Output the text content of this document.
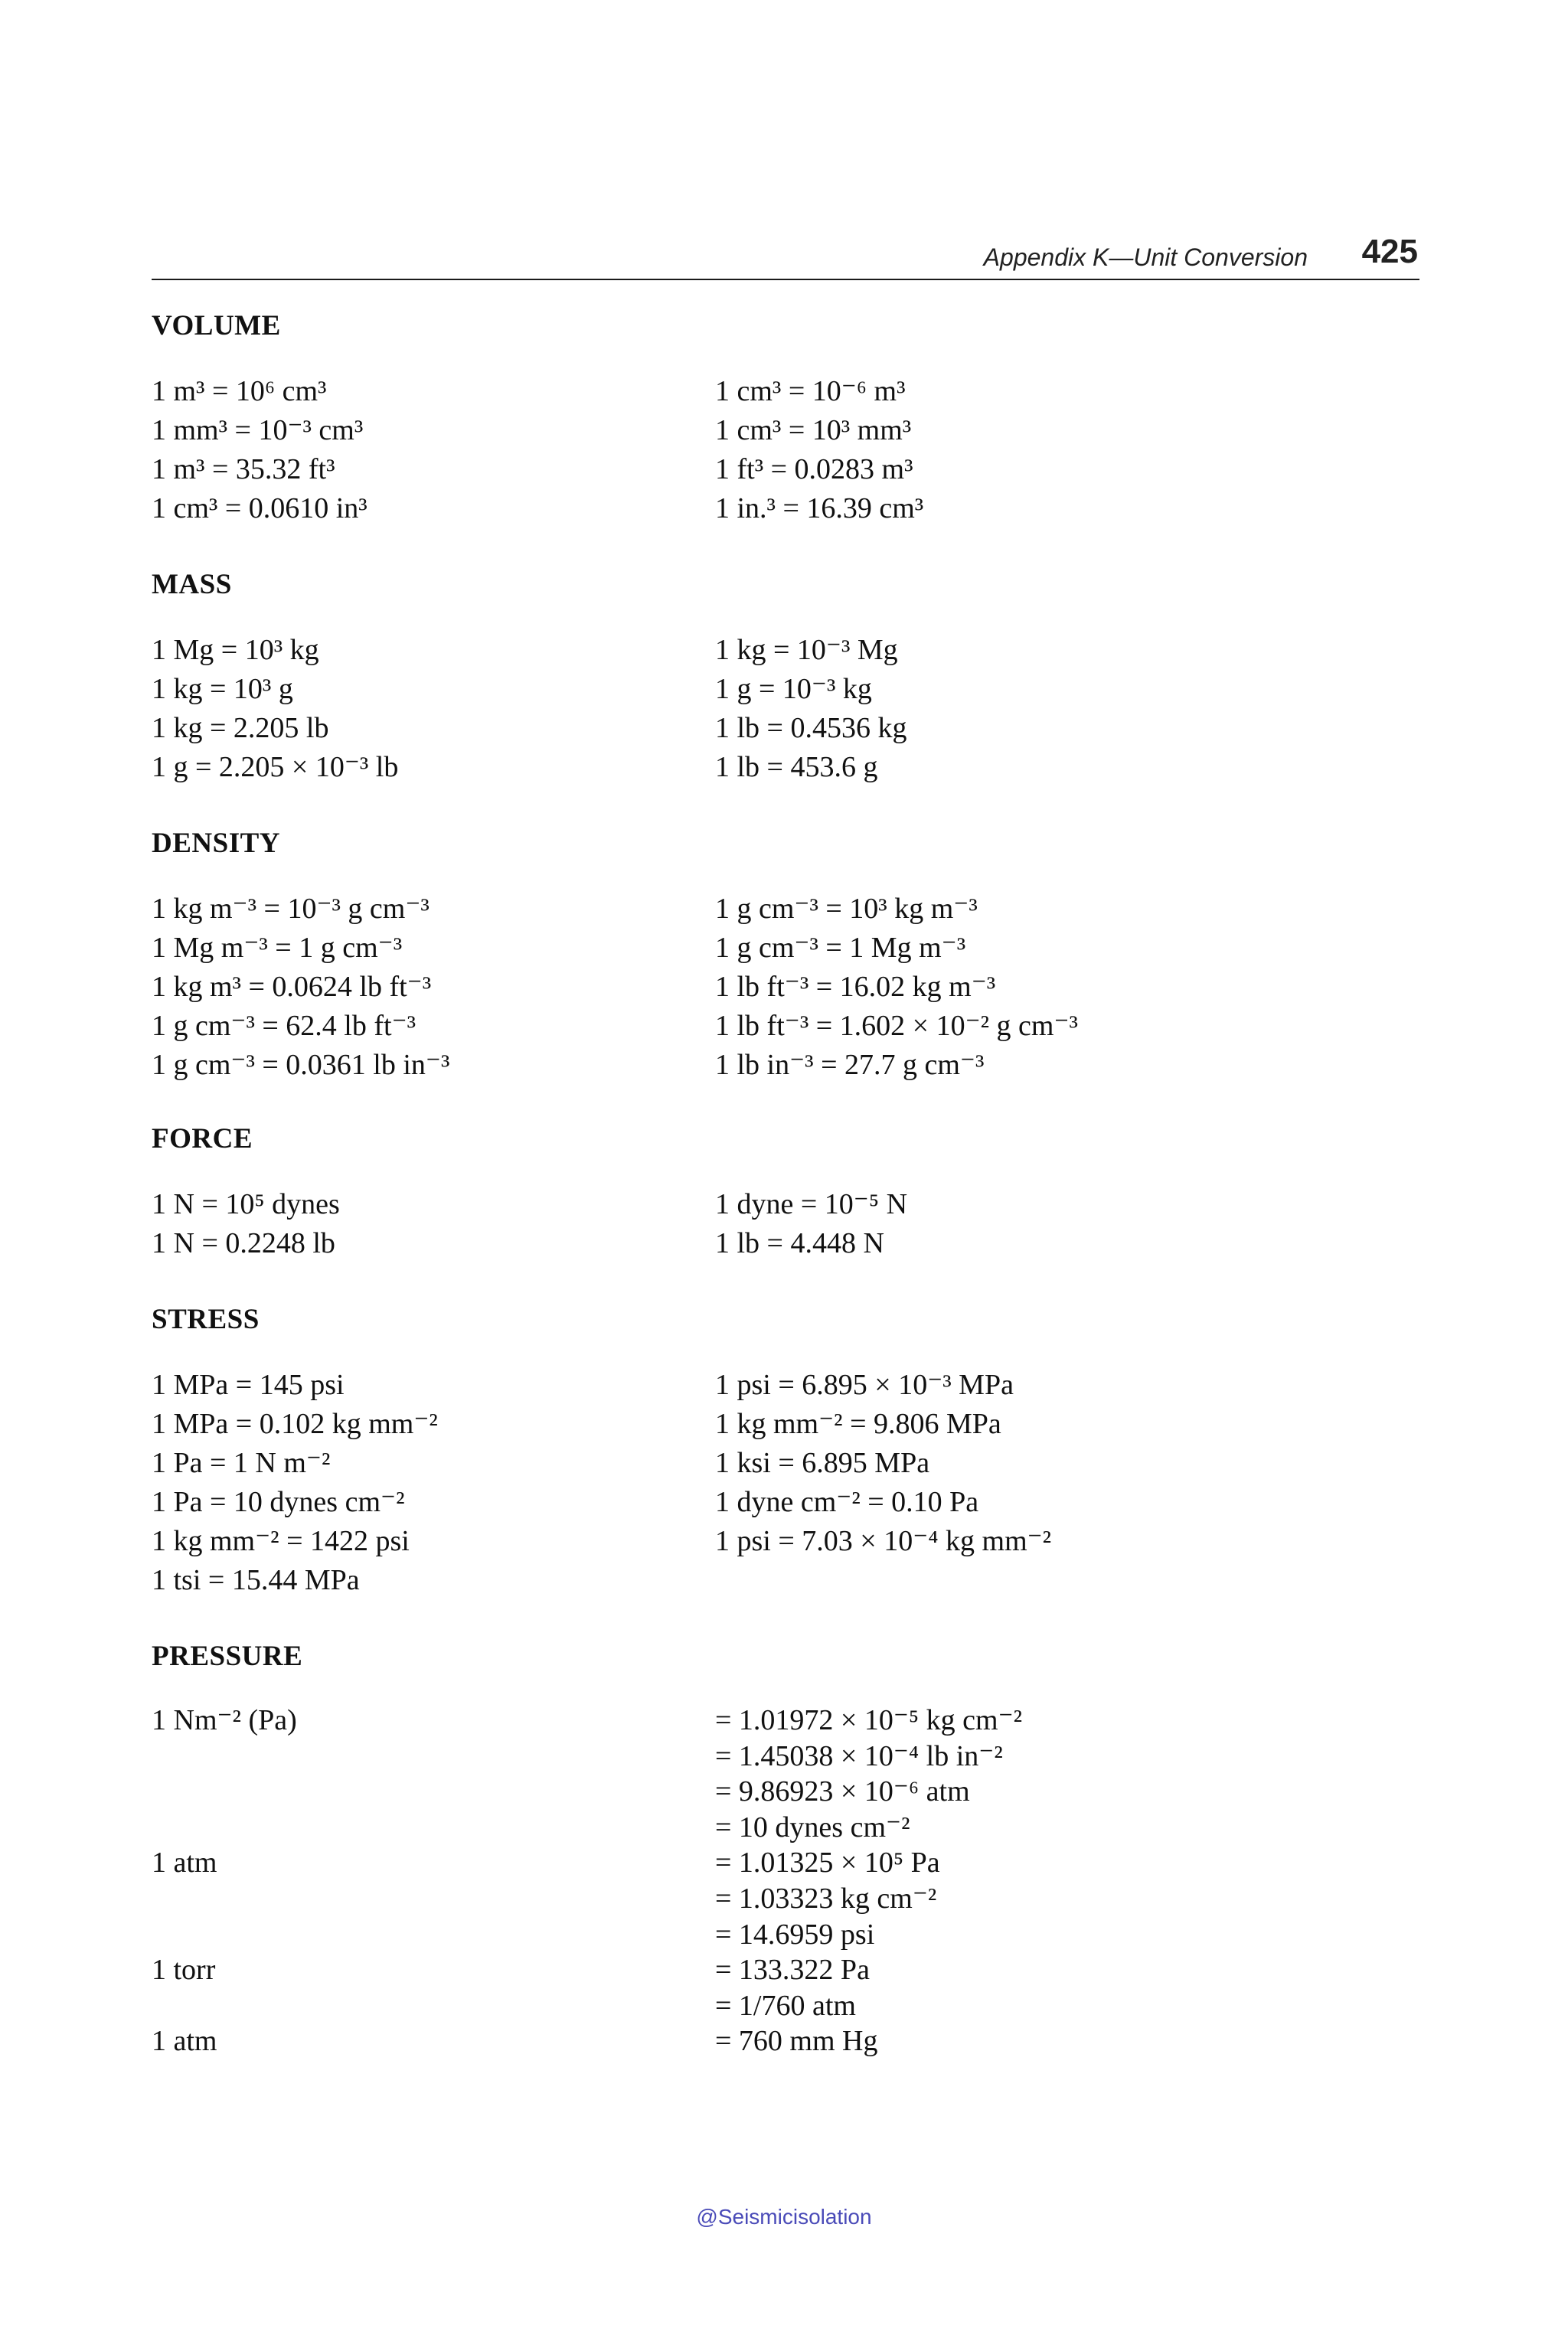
Appendix K—Unit Conversion 425
VOLUME
1 m³ = 10⁶ cm³	1 cm³ = 10⁻⁶ m³
1 mm³ = 10⁻³ cm³	1 cm³ = 10³ mm³
1 m³ = 35.32 ft³	1 ft³ = 0.0283 m³
1 cm³ = 0.0610 in³	1 in.³ = 16.39 cm³
MASS
1 Mg = 10³ kg	1 kg = 10⁻³ Mg
1 kg = 10³ g	1 g = 10⁻³ kg
1 kg = 2.205 lb	1 lb = 0.4536 kg
1 g = 2.205 × 10⁻³ lb	1 lb = 453.6 g
DENSITY
1 kg m⁻³ = 10⁻³ g cm⁻³	1 g cm⁻³ = 10³ kg m⁻³
1 Mg m⁻³ = 1 g cm⁻³	1 g cm⁻³ = 1 Mg m⁻³
1 kg m³ = 0.0624 lb ft⁻³	1 lb ft⁻³ = 16.02 kg m⁻³
1 g cm⁻³ = 62.4 lb ft⁻³	1 lb ft⁻³ = 1.602 × 10⁻² g cm⁻³
1 g cm⁻³ = 0.0361 lb in⁻³	1 lb in⁻³ = 27.7 g cm⁻³
FORCE
1 N = 10⁵ dynes	1 dyne = 10⁻⁵ N
1 N = 0.2248 lb	1 lb = 4.448 N
STRESS
1 MPa = 145 psi	1 psi = 6.895 × 10⁻³ MPa
1 MPa = 0.102 kg mm⁻²	1 kg mm⁻² = 9.806 MPa
1 Pa = 1 N m⁻²	1 ksi = 6.895 MPa
1 Pa = 10 dynes cm⁻²	1 dyne cm⁻² = 0.10 Pa
1 kg mm⁻² = 1422 psi	1 psi = 7.03 × 10⁻⁴ kg mm⁻²
1 tsi = 15.44 MPa
PRESSURE
1 Nm⁻² (Pa)	= 1.01972 × 10⁻⁵ kg cm⁻²
= 1.45038 × 10⁻⁴ lb in⁻²
= 9.86923 × 10⁻⁶ atm
= 10 dynes cm⁻²
1 atm	= 1.01325 × 10⁵ Pa
= 1.03323 kg cm⁻²
= 14.6959 psi
1 torr	= 133.322 Pa
= 1/760 atm
1 atm	= 760 mm Hg
@Seismicisolation
